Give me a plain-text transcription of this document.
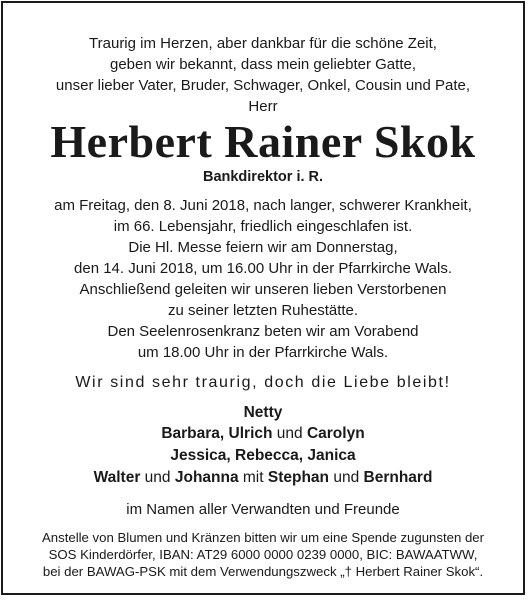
Traurig im Herzen, aber dankbar für die schöne Zeit,
geben wir bekannt, dass mein geliebter Gatte,
unser lieber Vater, Bruder, Schwager, Onkel, Cousin und Pate,
Herr
Herbert Rainer Skok
Bankdirektor i. R.
am Freitag, den 8. Juni 2018, nach langer, schwerer Krankheit,
im 66. Lebensjahr, friedlich eingeschlafen ist.
Die Hl. Messe feiern wir am Donnerstag,
den 14. Juni 2018, um 16.00 Uhr in der Pfarrkirche Wals.
Anschließend geleiten wir unseren lieben Verstorbenen
zu seiner letzten Ruhestätte.
Den Seelenrosenkranz beten wir am Vorabend
um 18.00 Uhr in der Pfarrkirche Wals.
Wir sind sehr traurig, doch die Liebe bleibt!
Netty
Barbara, Ulrich und Carolyn
Jessica, Rebecca, Janica
Walter und Johanna mit Stephan und Bernhard
im Namen aller Verwandten und Freunde
Anstelle von Blumen und Kränzen bitten wir um eine Spende zugunsten der
SOS Kinderdörfer, IBAN: AT29 6000 0000 0239 0000, BIC: BAWAATWW,
bei der BAWAG-PSK mit dem Verwendungszweck „† Herbert Rainer Skok“.
